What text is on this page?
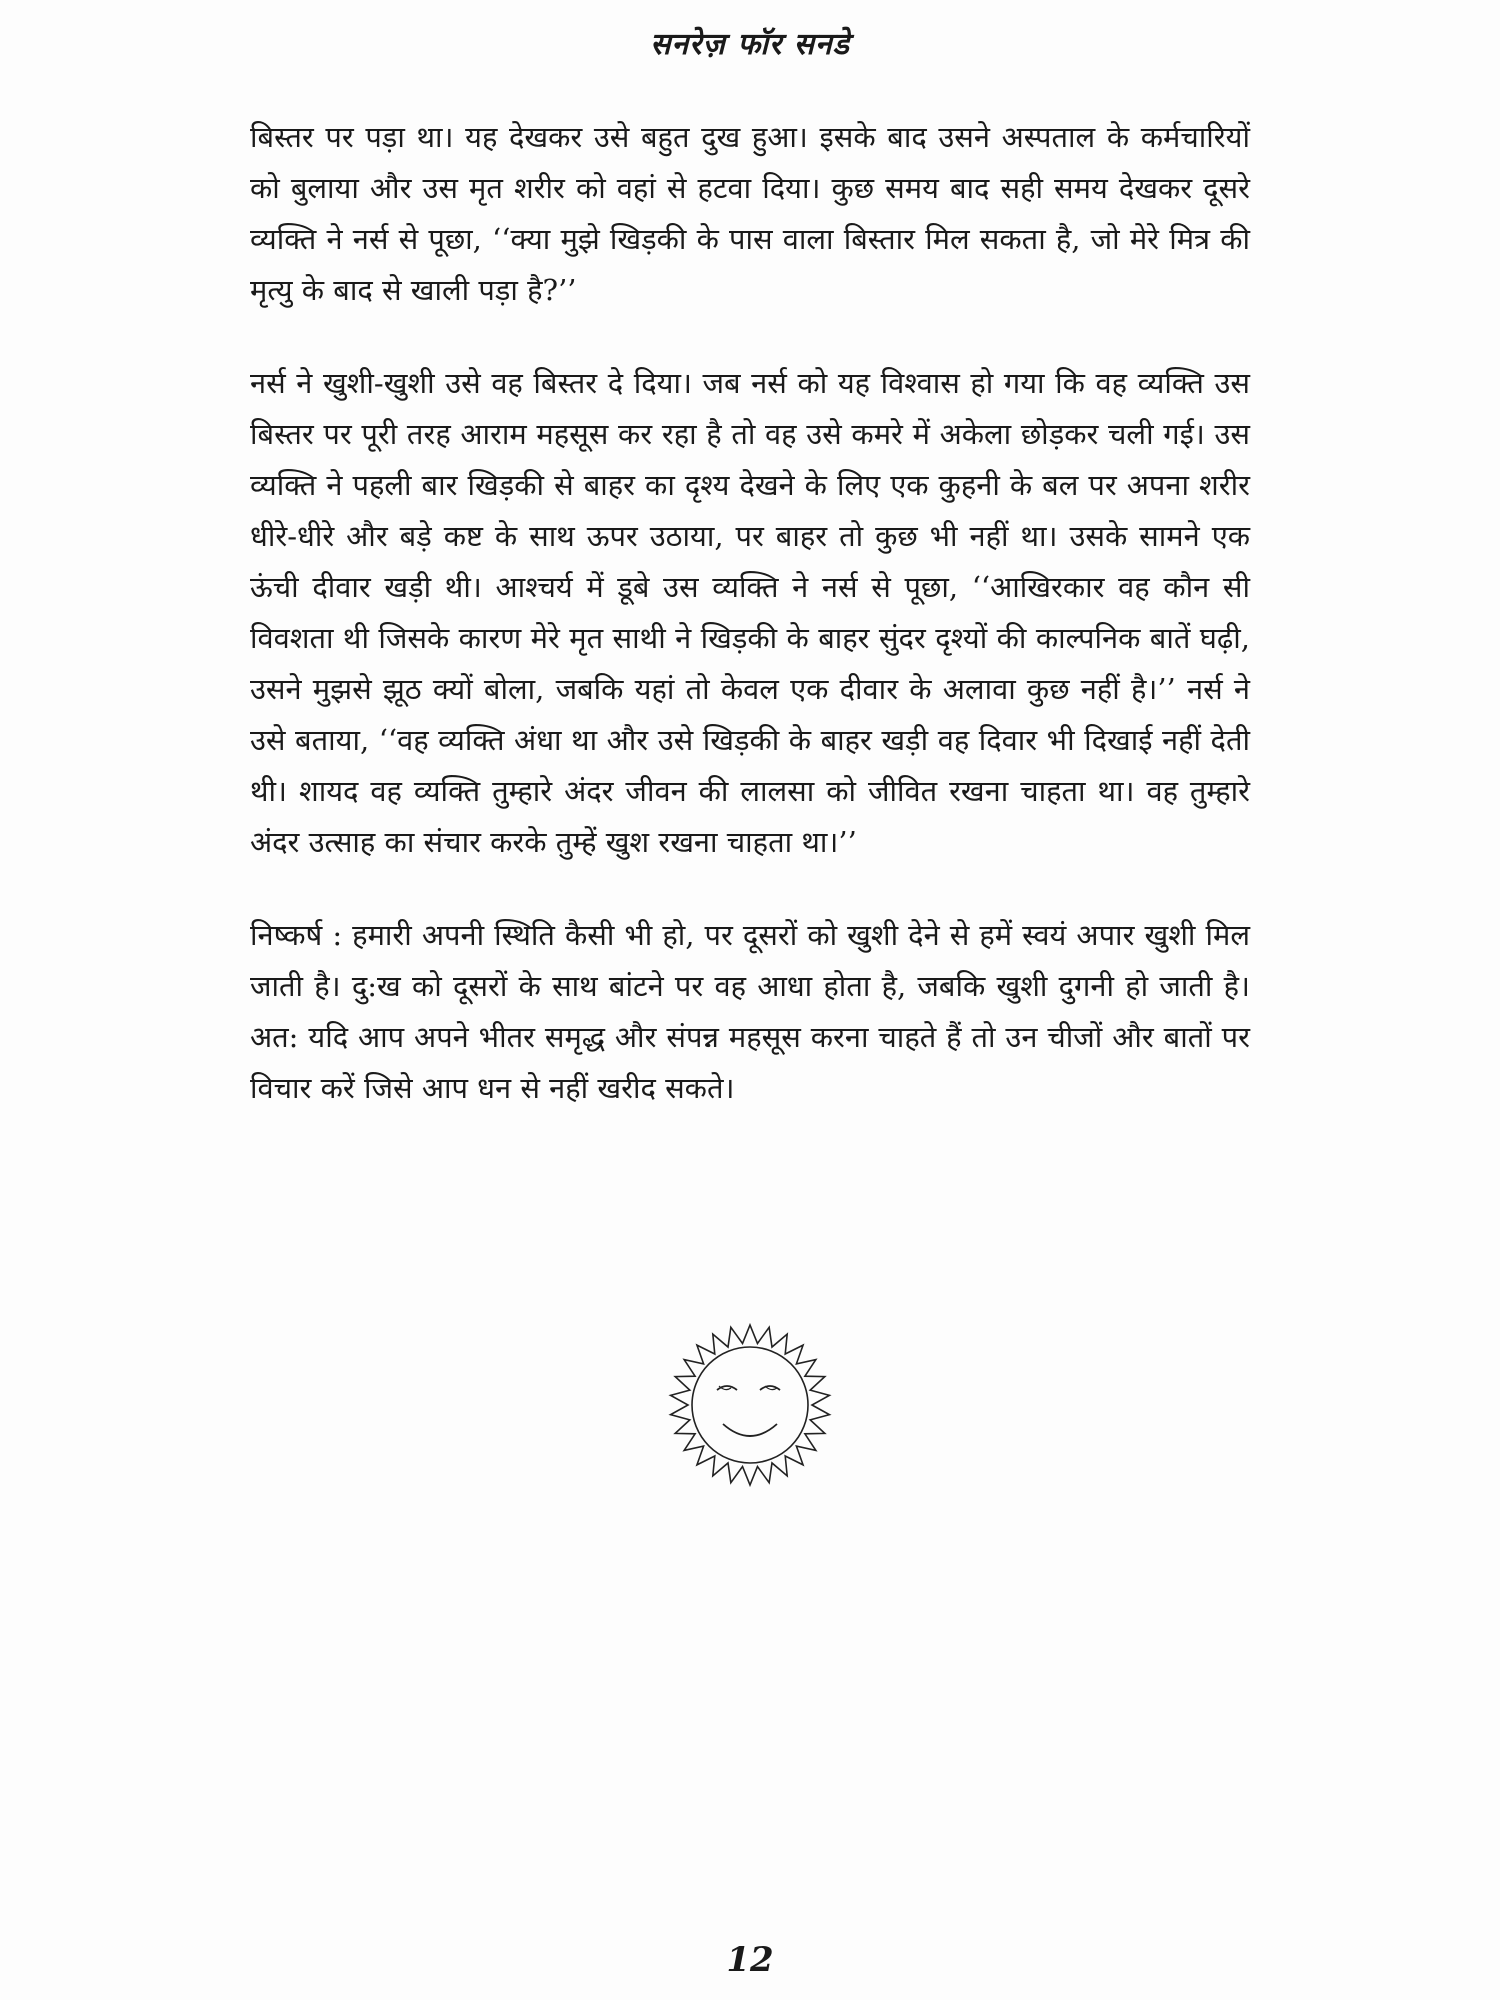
सनरेज़ फॉर सनडे

बिस्तर पर पड़ा था। यह देखकर उसे बहुत दुख हुआ। इसके बाद उसने अस्पताल के कर्मचारियों को बुलाया और उस मृत शरीर को वहां से हटवा दिया। कुछ समय बाद सही समय देखकर दूसरे व्यक्ति ने नर्स से पूछा, ‘‘क्या मुझे खिड़की के पास वाला बिस्तार मिल सकता है, जो मेरे मित्र की मृत्यु के बाद से खाली पड़ा है?’’

नर्स ने खुशी-खुशी उसे वह बिस्तर दे दिया। जब नर्स को यह विश्वास हो गया कि वह व्यक्ति उस बिस्तर पर पूरी तरह आराम महसूस कर रहा है तो वह उसे कमरे में अकेला छोड़कर चली गई। उस व्यक्ति ने पहली बार खिड़की से बाहर का दृश्य देखने के लिए एक कुहनी के बल पर अपना शरीर धीरे-धीरे और बड़े कष्ट के साथ ऊपर उठाया, पर बाहर तो कुछ भी नहीं था। उसके सामने एक ऊंची दीवार खड़ी थी। आश्चर्य में डूबे उस व्यक्ति ने नर्स से पूछा, ‘‘आखिरकार वह कौन सी विवशता थी जिसके कारण मेरे मृत साथी ने खिड़की के बाहर सुंदर दृश्यों की काल्पनिक बातें घढ़ी, उसने मुझसे झूठ क्यों बोला, जबकि यहां तो केवल एक दीवार के अलावा कुछ नहीं है।’’ नर्स ने उसे बताया, ‘‘वह व्यक्ति अंधा था और उसे खिड़की के बाहर खड़ी वह दिवार भी दिखाई नहीं देती थी। शायद वह व्यक्ति तुम्हारे अंदर जीवन की लालसा को जीवित रखना चाहता था। वह तुम्हारे अंदर उत्साह का संचार करके तुम्हें खुश रखना चाहता था।’’

निष्कर्ष : हमारी अपनी स्थिति कैसी भी हो, पर दूसरों को खुशी देने से हमें स्वयं अपार खुशी मिल जाती है। दु:ख को दूसरों के साथ बांटने पर वह आधा होता है, जबकि खुशी दुगनी हो जाती है। अत: यदि आप अपने भीतर समृद्ध और संपन्न महसूस करना चाहते हैं तो उन चीजों और बातों पर विचार करें जिसे आप धन से नहीं खरीद सकते।

12
